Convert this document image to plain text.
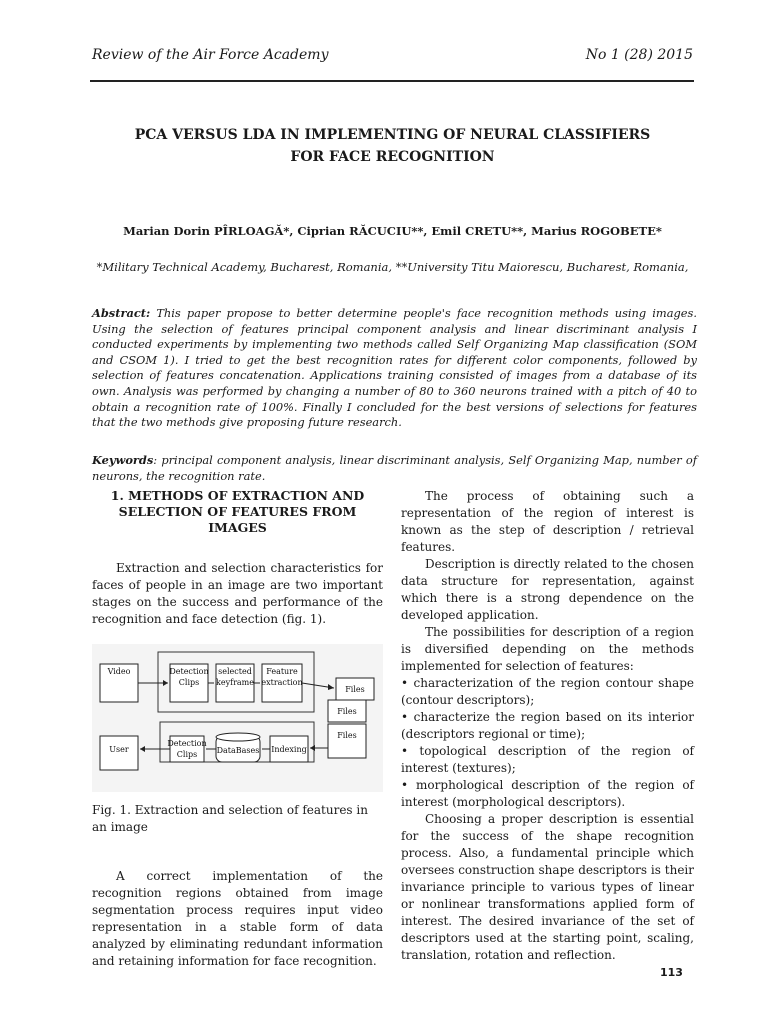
Review of the Air Force Academy	No 1 (28) 2015
PCA VERSUS LDA IN IMPLEMENTING OF NEURAL CLASSIFIERS
FOR FACE RECOGNITION
Marian Dorin PÎRLOAGĂ*, Ciprian RĂCUCIU**, Emil CRETU**, Marius ROGOBETE*
*Military Technical Academy, Bucharest, Romania, **University Titu Maiorescu, Bucharest, Romania,
Abstract: This paper propose to better determine people's face recognition methods using images. Using the selection of features principal component analysis and linear discriminant analysis I conducted experiments by implementing two methods called Self Organizing Map classification (SOM and CSOM 1). I tried to get the best recognition rates for different color components, followed by selection of features concatenation. Applications training consisted of images from a database of its own. Analysis was performed by changing a number of 80 to 360 neurons trained with a pitch of 40 to obtain a recognition rate of 100%. Finally I concluded for the best versions of selections for features that the two methods give proposing future research.
Keywords: principal component analysis, linear discriminant analysis, Self Organizing Map, number of neurons, the recognition rate.

1. METHODS OF EXTRACTION AND SELECTION OF FEATURES FROM IMAGES

Extraction and selection characteristics for faces of people in an image are two important stages on the success and performance of the recognition and face detection (fig. 1).

Video	Detection
Clips
selected
keyframe
Feature
extraction
Files
Files
Files
User
Detection
Clips DataBases Indexing

Fig. 1. Extraction and selection of features in an image

A correct implementation of the recognition regions obtained from image segmentation process requires input video representation in a stable form of data analyzed by eliminating redundant information and retaining information for face recognition.

The process of obtaining such a representation of the region of interest is known as the step of description / retrieval features.

Description is directly related to the chosen data structure for representation, against which there is a strong dependence on the developed application.

The possibilities for description of a region is diversified depending on the methods implemented for selection of features:

• characterization of the region contour shape (contour descriptors);

• characterize the region based on its interior (descriptors regional or time);

• topological description of the region of interest (textures);

• morphological description of the region of interest (morphological descriptors).

Choosing a proper description is essential for the success of the shape recognition process. Also, a fundamental principle which oversees construction shape descriptors is their invariance principle to various types of linear or nonlinear transformations applied form of interest. The desired invariance of the set of descriptors used at the starting point, scaling, translation, rotation and reflection.

113
